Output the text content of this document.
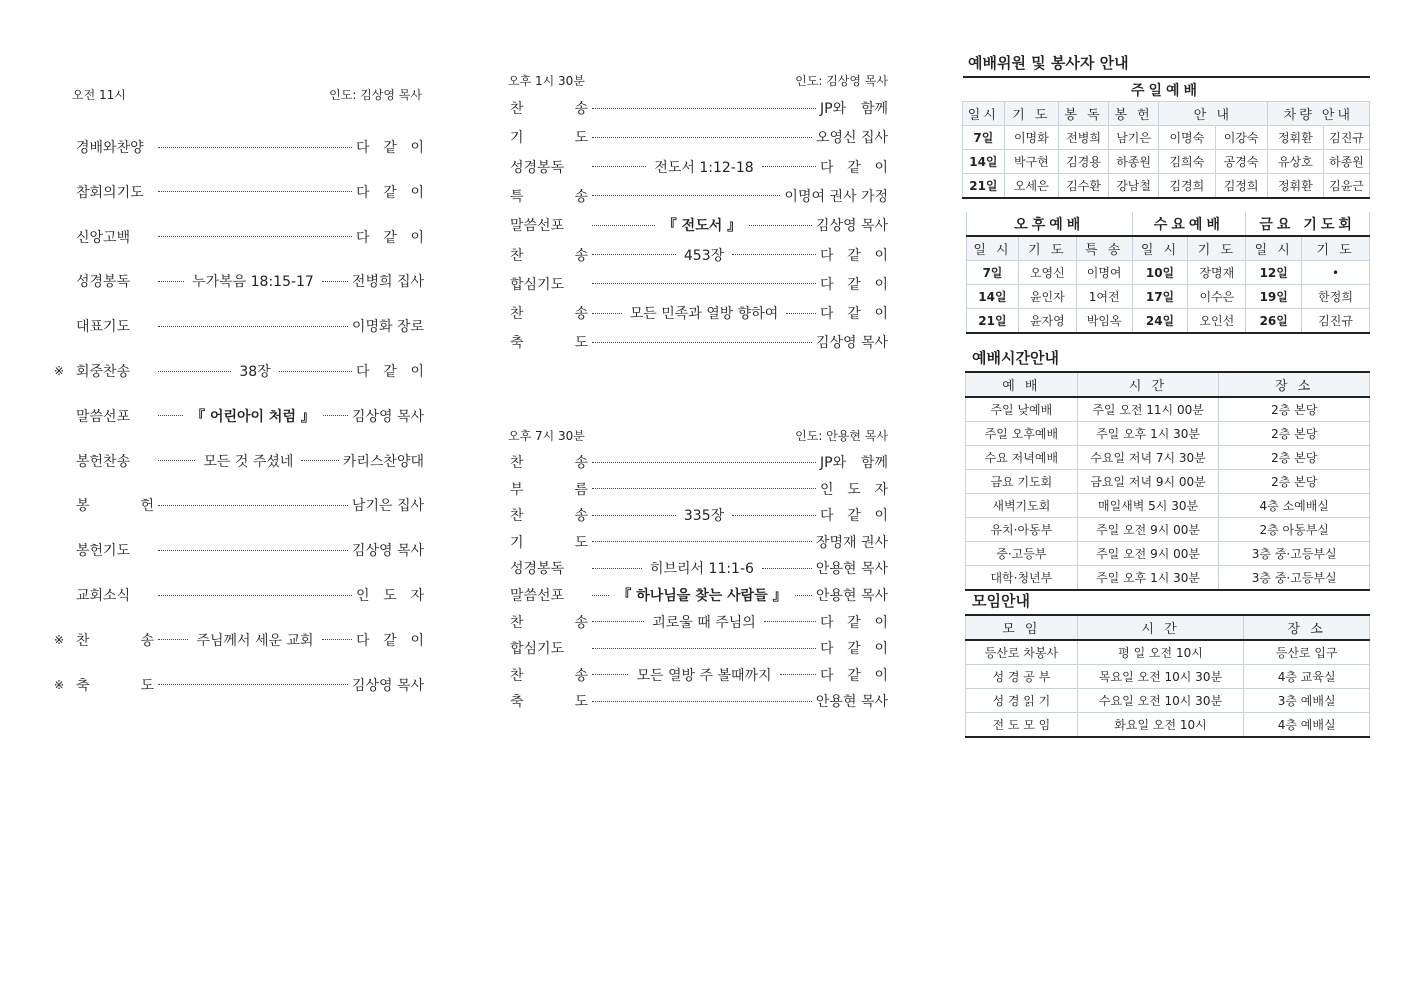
오전 11시	인도: 김상영 목사
경배와찬양	다 같 이
참회의기도	다 같 이
신앙고백	다 같 이
성경봉독	누가복음 18:15-17	전병희 집사
대표기도	이명화 장로
※ 회중찬송	38장	다 같 이
말씀선포	『 어린아이 처럼 』	김상영 목사
봉헌찬송	모든 것 주셨네	카리스찬양대
봉 헌	남기은 집사
봉헌기도	김상영 목사
교회소식	인 도 자
※ 찬 송	주님께서 세운 교회	다 같 이
※ 축 도	김상영 목사
오후 1시 30분	인도: 김상영 목사
찬 송	JP와 함께
기 도	오영신 집사
성경봉독	전도서 1:12-18	다 같 이
특 송	이명여 권사 가정
말씀선포	『 전도서 』	김상영 목사
찬 송	453장	다 같 이
합심기도	다 같 이
찬 송	모든 민족과 열방 향하여	다 같 이
축 도	김상영 목사
오후 7시 30분	인도: 안용현 목사
찬 송	JP와 함께
부 름	인 도 자
찬 송	335장	다 같 이
기 도	장명재 권사
성경봉독	히브리서 11:1-6	안용현 목사
말씀선포	『 하나님을 찾는 사람들 』 안용현 목사
찬 송	괴로울 때 주님의	다 같 이
합심기도	다 같 이
찬 송	모든 열방 주 볼때까지	다 같 이
축 도	안용현 목사
예배위원 및 봉사자 안내
주일예배							
일시	기 도	봉 독	봉 헌	안 내		차량 안내	
7일	이명화	전병희	남기은	이명숙	이강숙	정휘환	김진규
14일	박구현	김경용	하종원	김희숙	공경숙	유상호	하종원
21일	오세은	김수환	강남철	김경희	김정희	정휘환	김윤근
오후예배			수요예배		금요 기도회	
일 시	기 도	특 송	일 시	기 도	일 시	기 도
7일	오영신	이명여	10일	장명재	12일	•
14일	윤인자	1여전	17일	이수은	19일	한정희
21일	윤자영	박임옥	24일	오인선	26일	김진규
예배시간안내
예 배	시 간	장 소
주일 낮예배	주일 오전 11시 00분	2층 본당
주일 오후예배	주일 오후 1시 30분	2층 본당
수요 저녁예배	수요일 저녁 7시 30분	2층 본당
금요 기도회	금요일 저녁 9시 00분	2층 본당
새벽기도회	매일새벽 5시 30분	4층 소예배실
유치·아동부	주일 오전 9시 00분	2층 아동부실
중·고등부	주일 오전 9시 00분	3층 중·고등부실
대학·청년부	주일 오후 1시 30분	3층 중·고등부실
모임안내
모 임	시 간	장 소
등산로 차봉사	평 일 오전 10시	등산로 입구
성 경 공 부	목요일 오전 10시 30분	4층 교육실
성 경 읽 기	수요일 오전 10시 30분	3층 예배실
전 도 모 임	화요일 오전 10시	4층 예배실
